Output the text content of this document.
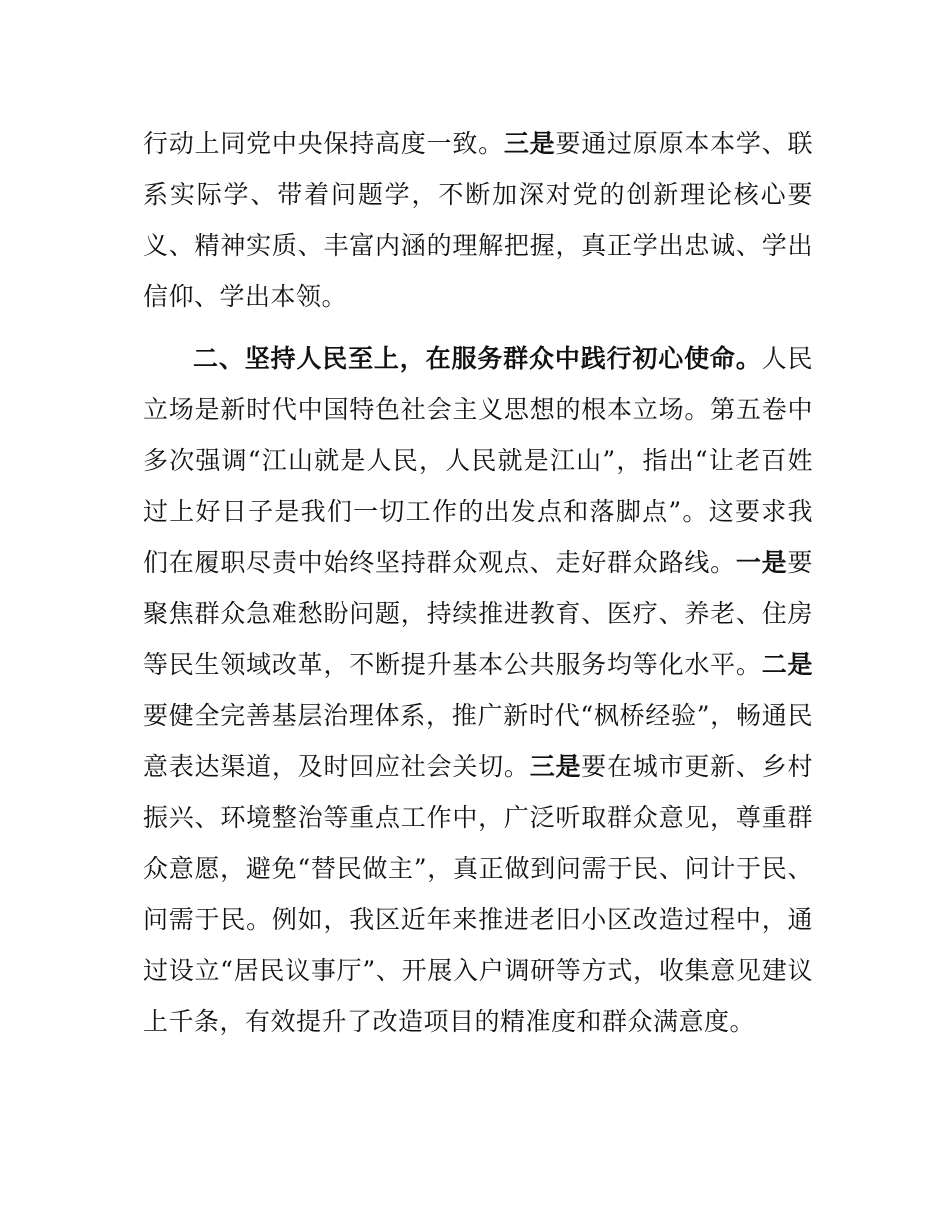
行动上同党中央保持高度一致。三是要通过原原本本学、联系实际学、带着问题学，不断加深对党的创新理论核心要义、精神实质、丰富内涵的理解把握，真正学出忠诚、学出信仰、学出本领。

二、坚持人民至上，在服务群众中践行初心使命。人民立场是新时代中国特色社会主义思想的根本立场。第五卷中多次强调“江山就是人民，人民就是江山”，指出“让老百姓过上好日子是我们一切工作的出发点和落脚点”。这要求我们在履职尽责中始终坚持群众观点、走好群众路线。一是要聚焦群众急难愁盼问题，持续推进教育、医疗、养老、住房等民生领域改革，不断提升基本公共服务均等化水平。二是要健全完善基层治理体系，推广新时代“枫桥经验”，畅通民意表达渠道，及时回应社会关切。三是要在城市更新、乡村振兴、环境整治等重点工作中，广泛听取群众意见，尊重群众意愿，避免“替民做主”，真正做到问需于民、问计于民、问需于民。例如，我区近年来推进老旧小区改造过程中，通过设立“居民议事厅”、开展入户调研等方式，收集意见建议上千条，有效提升了改造项目的精准度和群众满意度。
